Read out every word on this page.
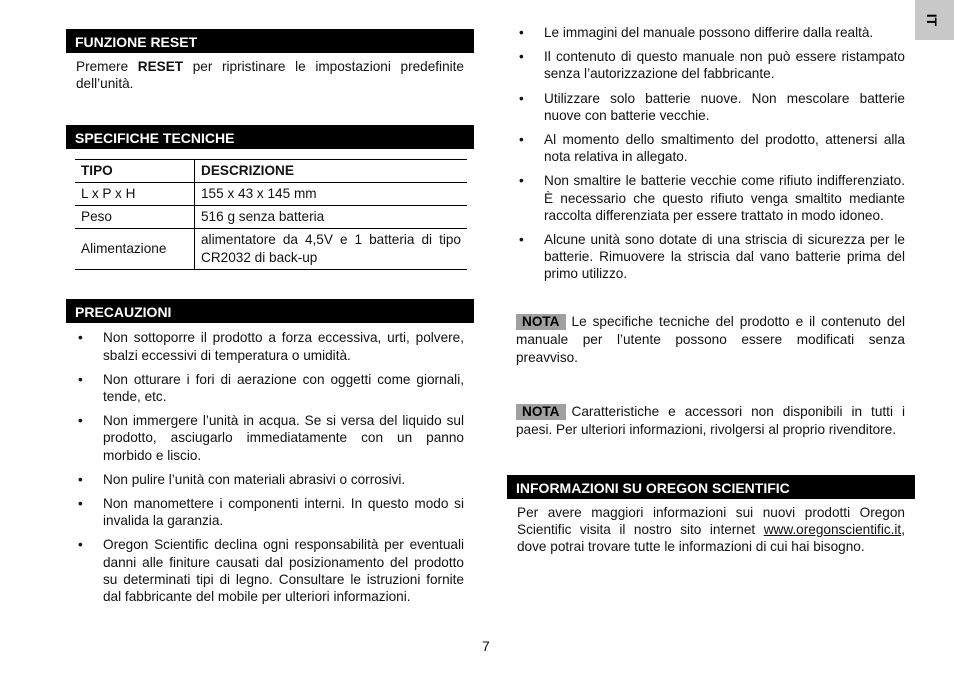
IT
FUNZIONE RESET

Premere RESET per ripristinare le impostazioni predefinite dell’unità.

SPECIFICHE TECNICHE
TIPO	DESCRIZIONE
L x P x H	155 x 43 x 145 mm
Peso	516 g senza batteria
Alimentazione	alimentatore da 4,5V e 1 batteria di tipo CR2032 di back-up
PRECAUZIONI
• Non sottoporre il prodotto a forza eccessiva, urti, polvere, sbalzi eccessivi di temperatura o umidità.
• Non otturare i fori di aerazione con oggetti come giornali, tende, etc.
• Non immergere l’unità in acqua. Se si versa del liquido sul prodotto, asciugarlo immediatamente con un panno morbido e liscio.
• Non pulire l’unità con materiali abrasivi o corrosivi.
• Non manomettere i componenti interni. In questo modo si invalida la garanzia.
• Oregon Scientific declina ogni responsabilità per eventuali danni alle finiture causati dal posizionamento del prodotto su determinati tipi di legno. Consultare le istruzioni fornite dal fabbricante del mobile per ulteriori informazioni.
• Le immagini del manuale possono differire dalla realtà.
• Il contenuto di questo manuale non può essere ristampato senza l’autorizzazione del fabbricante.
• Utilizzare solo batterie nuove. Non mescolare batterie nuove con batterie vecchie.
• Al momento dello smaltimento del prodotto, attenersi alla nota relativa in allegato.
• Non smaltire le batterie vecchie come rifiuto indifferenziato. È necessario che questo rifiuto venga smaltito mediante raccolta differenziata per essere trattato in modo idoneo.
• Alcune unità sono dotate di una striscia di sicurezza per le batterie. Rimuovere la striscia dal vano batterie prima del primo utilizzo.

NOTA Le specifiche tecniche del prodotto e il contenuto del manuale per l’utente possono essere modificati senza preavviso.

NOTA Caratteristiche e accessori non disponibili in tutti i paesi. Per ulteriori informazioni, rivolgersi al proprio rivenditore.

INFORMAZIONI SU OREGON SCIENTIFIC

Per avere maggiori informazioni sui nuovi prodotti Oregon Scientific visita il nostro sito internet www.oregonscientific.it, dove potrai trovare tutte le informazioni di cui hai bisogno.

7
